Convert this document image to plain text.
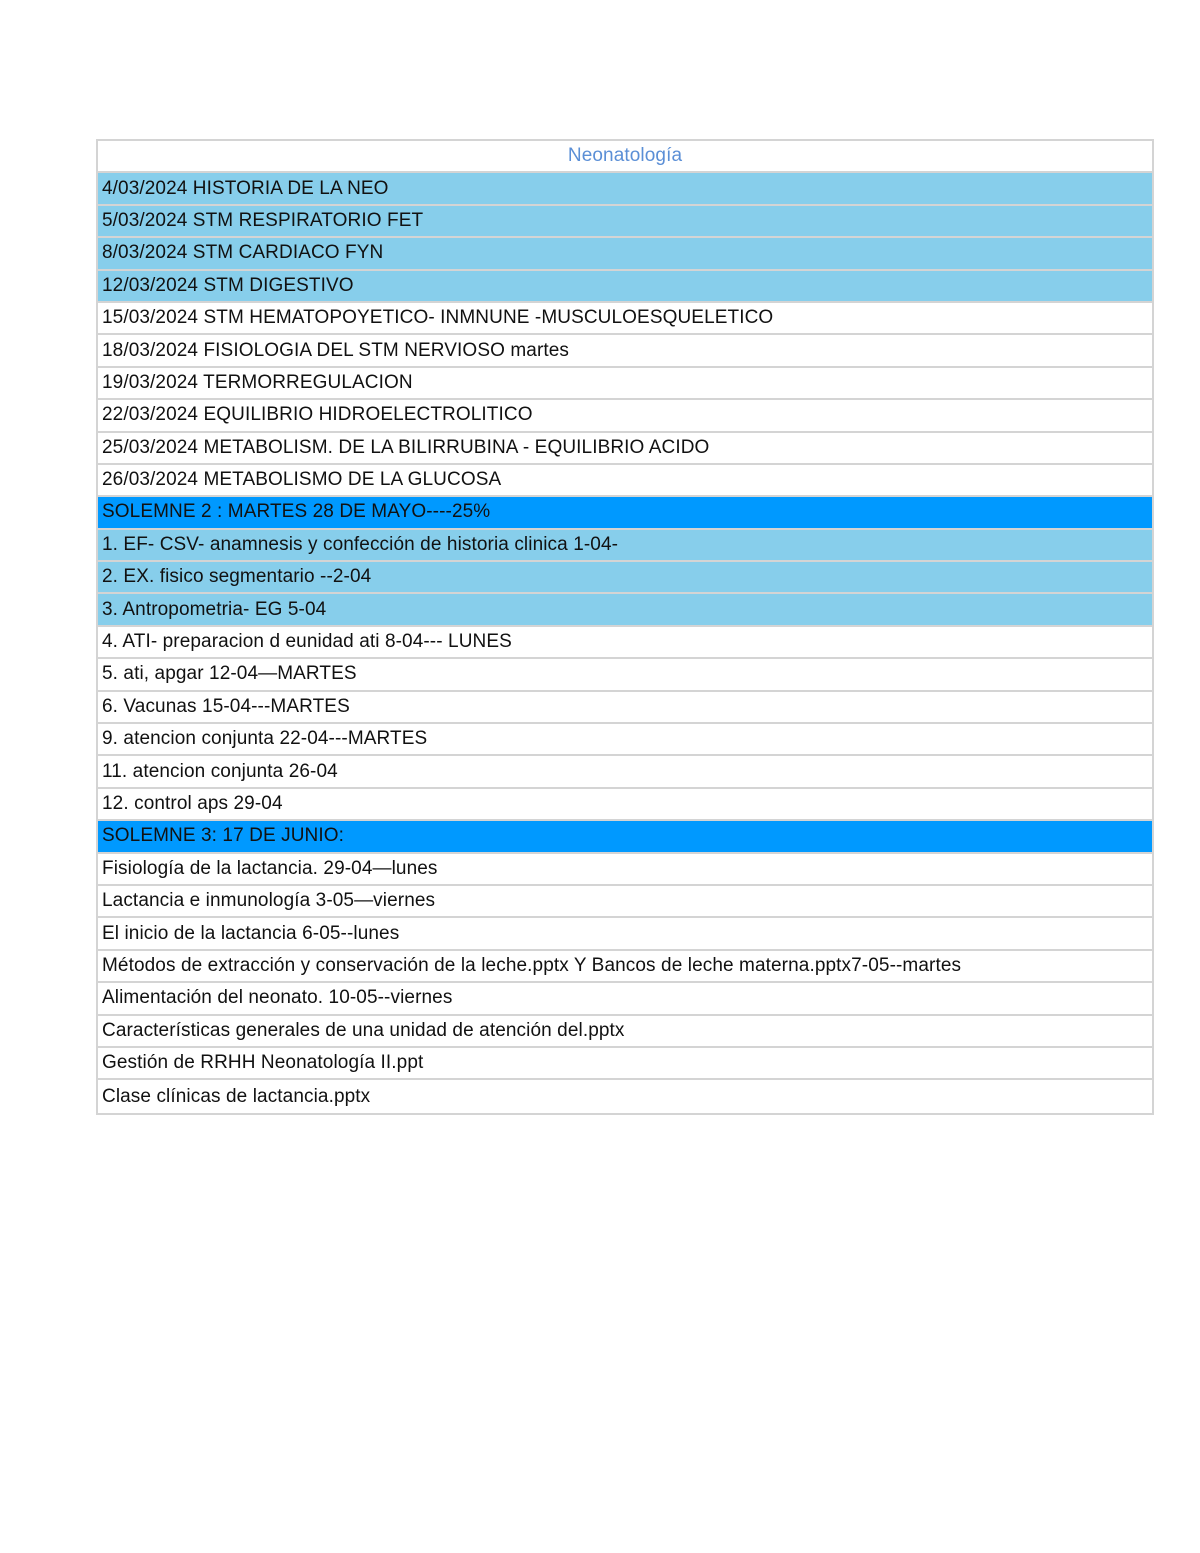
Neonatología
4/03/2024 HISTORIA DE LA NEO
5/03/2024 STM RESPIRATORIO FET
8/03/2024 STM CARDIACO FYN
12/03/2024 STM DIGESTIVO
15/03/2024 STM HEMATOPOYETICO- INMNUNE -MUSCULOESQUELETICO
18/03/2024 FISIOLOGIA DEL STM NERVIOSO martes
19/03/2024 TERMORREGULACION
22/03/2024 EQUILIBRIO HIDROELECTROLITICO
25/03/2024 METABOLISM. DE LA BILIRRUBINA - EQUILIBRIO ACIDO
26/03/2024 METABOLISMO DE LA GLUCOSA
SOLEMNE 2 : MARTES 28 DE MAYO----25%
1. EF- CSV- anamnesis y confección de historia clinica 1-04-
2. EX. fisico segmentario --2-04
3. Antropometria- EG 5-04
4. ATI- preparacion d eunidad ati 8-04--- LUNES
5. ati, apgar 12-04—MARTES
6. Vacunas 15-04---MARTES
9. atencion conjunta 22-04---MARTES
11. atencion conjunta 26-04
12. control aps 29-04
SOLEMNE 3: 17 DE JUNIO:
Fisiología de la lactancia. 29-04—lunes
Lactancia e inmunología 3-05—viernes
El inicio de la lactancia 6-05--lunes
Métodos de extracción y conservación de la leche.pptx Y Bancos de leche materna.pptx7-05--martes
Alimentación del neonato. 10-05--viernes
Características generales de una unidad de atención del.pptx
Gestión de RRHH Neonatología II.ppt
Clase clínicas de lactancia.pptx
